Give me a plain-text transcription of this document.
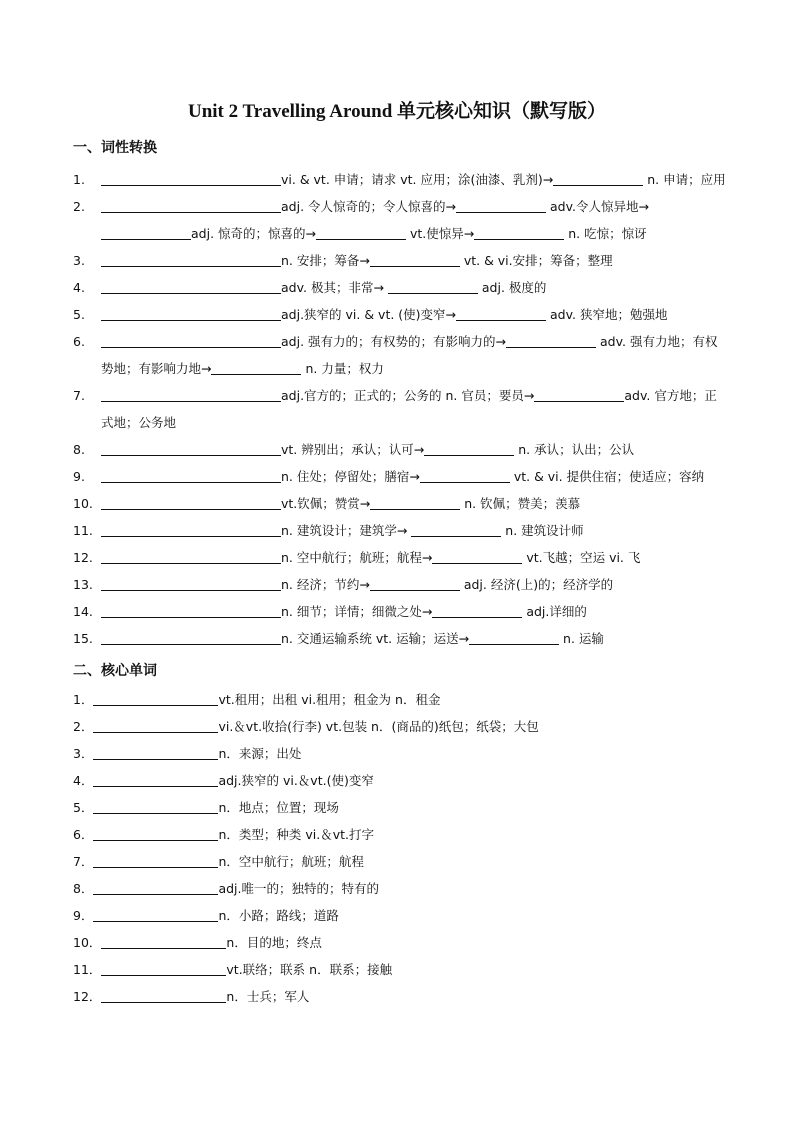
Unit 2 Travelling Around 单元核心知识（默写版）
一、词性转换
1.	vi. & vt. 申请；请求 vt. 应用；涂(油漆、乳剂)→	n. 申请；应用
2.	adj. 令人惊奇的；令人惊喜的→	adv.令人惊异地→adj. 惊奇的；惊喜的→	vt.使惊异→	n. 吃惊；惊讶
3.	n. 安排；筹备→	vt. & vi.安排；筹备；整理
4.	adv. 极其；非常→	adj. 极度的
5.	adj.狭窄的 vi. & vt. (使)变窄→	adv. 狭窄地；勉强地
6.	adj. 强有力的；有权势的；有影响力的→	adv. 强有力地；有权势地；有影响力地→	n. 力量；权力
7.	adj.官方的；正式的；公务的 n. 官员；要员→	adv. 官方地；正式地；公务地
8.	vt. 辨别出；承认；认可→	n. 承认；认出；公认
9.	n. 住处；停留处；膳宿→	vt. & vi. 提供住宿；使适应；容纳
10.	vt.钦佩；赞赏→	n. 钦佩；赞美；羡慕
11.	n. 建筑设计；建筑学→	n. 建筑设计师
12.	n. 空中航行；航班；航程→	vt.飞越；空运 vi. 飞
13.	n. 经济；节约→	adj. 经济(上)的；经济学的
14.	n. 细节；详情；细微之处→	adj.详细的
15.	n. 交通运输系统 vt. 运输；运送→	n. 运输
二、核心单词
1．	vt.租用；出租 vi.租用；租金为 n．租金
2．	vi.＆vt.收拾(行李) vt.包装 n．(商品的)纸包；纸袋；大包
3．	n．来源；出处
4．	adj.狭窄的 vi.＆vt.(使)变窄
5．	n．地点；位置；现场
6．	n．类型；种类 vi.＆vt.打字
7．	n．空中航行；航班；航程
8．	adj.唯一的；独特的；特有的
9．	n．小路；路线；道路
10．	n．目的地；终点
11．	vt.联络；联系 n．联系；接触
12．	n．士兵；军人
